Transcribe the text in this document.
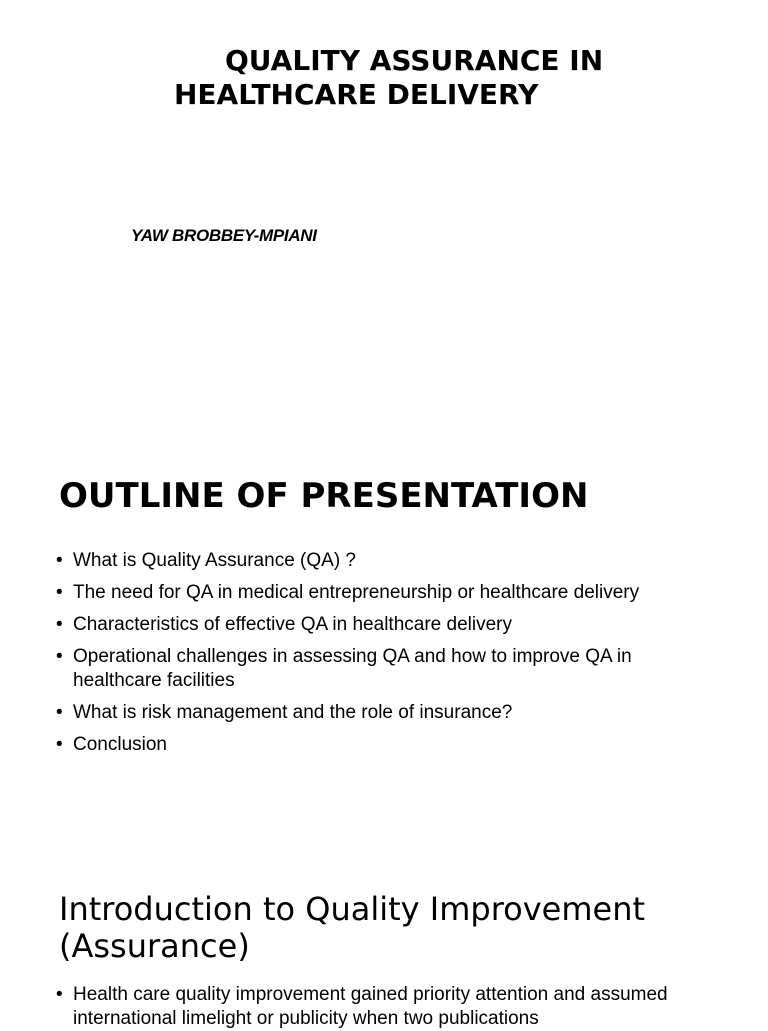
QUALITY ASSURANCE IN
HEALTHCARE DELIVERY

YAW BROBBEY-MPIANI

OUTLINE OF PRESENTATION
• What is Quality Assurance (QA) ?
• The need for QA in medical entrepreneurship or healthcare delivery
• Characteristics of effective QA in healthcare delivery
• Operational challenges in assessing QA and how to improve QA in healthcare facilities
• What is risk management and the role of insurance?
• Conclusion
Introduction to Quality Improvement (Assurance)
• Health care quality improvement gained priority attention and assumed international limelight or publicity when two publications
